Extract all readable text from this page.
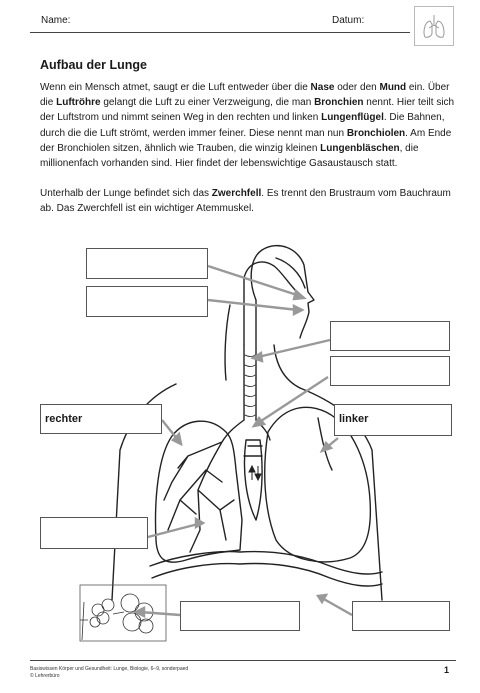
Name:	Datum:
Aufbau der Lunge

Wenn ein Mensch atmet, saugt er die Luft entweder über die Nase oder den Mund ein. Über die Luftröhre gelangt die Luft zu einer Verzweigung, die man Bronchien nennt. Hier teilt sich der Luftstrom und nimmt seinen Weg in den rechten und linken Lungenflügel. Die Bahnen, durch die die Luft strömt, werden immer feiner. Diese nennt man nun Bronchiolen. Am Ende der Bronchiolen sitzen, ähnlich wie Trauben, die winzig kleinen Lungenbläschen, die millionenfach vorhanden sind. Hier findet der lebenswichtige Gasaustausch statt.

Unterhalb der Lunge befindet sich das Zwerchfell. Es trennt den Brustraum vom Bauchraum ab. Das Zwerchfell ist ein wichtiger Atemmuskel.

rechter	linker
Basiswissen Körper und Gesundheit: Lunge, Biologie, 6–9, sonderpaed
© Lehrerbüro
1
